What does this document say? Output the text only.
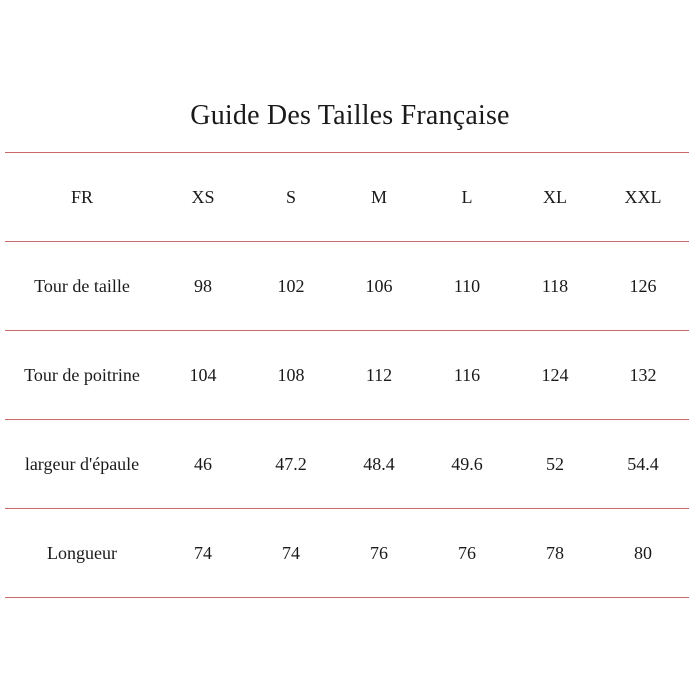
Guide Des Tailles Française
FR	XS	S	M	L	XL	XXL
Tour de taille	98	102	106	110	118	126
Tour de poitrine	104	108	112	116	124	132
largeur d'épaule	46	47.2	48.4	49.6	52	54.4
Longueur	74	74	76	76	78	80
